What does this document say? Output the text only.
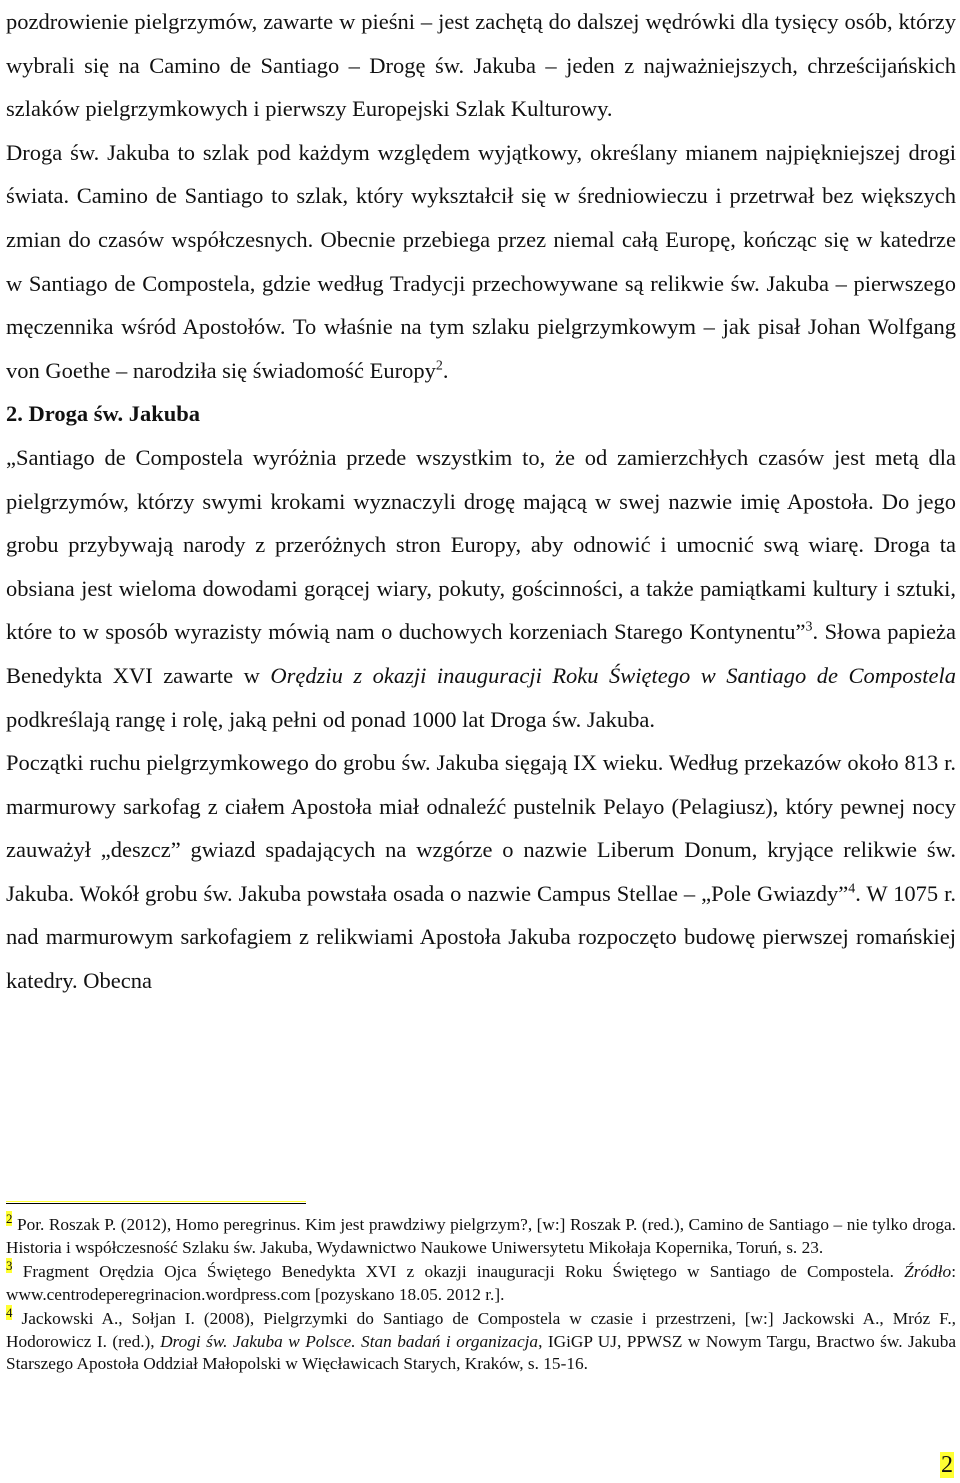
pozdrowienie pielgrzymów, zawarte w pieśni – jest zachętą do dalszej wędrówki dla tysięcy osób, którzy wybrali się na Camino de Santiago – Drogę św. Jakuba – jeden z najważniejszych, chrześcijańskich szlaków pielgrzymkowych i pierwszy Europejski Szlak Kulturowy.

Droga św. Jakuba to szlak pod każdym względem wyjątkowy, określany mianem najpiękniejszej drogi świata. Camino de Santiago to szlak, który wykształcił się w średniowieczu i przetrwał bez większych zmian do czasów współczesnych. Obecnie przebiega przez niemal całą Europę, kończąc się w katedrze w Santiago de Compostela, gdzie według Tradycji przechowywane są relikwie św. Jakuba – pierwszego męczennika wśród Apostołów. To właśnie na tym szlaku pielgrzymkowym – jak pisał Johan Wolfgang von Goethe – narodziła się świadomość Europy$^2$.

2. Droga św. Jakuba

„Santiago de Compostela wyróżnia przede wszystkim to, że od zamierzchłych czasów jest metą dla pielgrzymów, którzy swymi krokami wyznaczyli drogę mającą w swej nazwie imię Apostoła. Do jego grobu przybywają narody z przeróżnych stron Europy, aby odnowić i umocnić swą wiarę. Droga ta obsiana jest wieloma dowodami gorącej wiary, pokuty, gościnności, a także pamiątkami kultury i sztuki, które to w sposób wyrazisty mówią nam o duchowych korzeniach Starego Kontynentu”$^3$. Słowa papieża Benedykta XVI zawarte w Orędziu z okazji inauguracji Roku Świętego w Santiago de Compostela podkreślają rangę i rolę, jaką pełni od ponad 1000 lat Droga św. Jakuba.

Początki ruchu pielgrzymkowego do grobu św. Jakuba sięgają IX wieku. Według przekazów około 813 r. marmurowy sarkofag z ciałem Apostoła miał odnaleźć pustelnik Pelayo (Pelagiusz), który pewnej nocy zauważył „deszcz” gwiazd spadających na wzgórze o nazwie Liberum Donum, kryjące relikwie św. Jakuba. Wokół grobu św. Jakuba powstała osada o nazwie Campus Stellae – „Pole Gwiazdy”$^4$. W 1075 r. nad marmurowym sarkofagiem z relikwiami Apostoła Jakuba rozpoczęto budowę pierwszej romańskiej katedry. Obecna

$^2$ Por. Roszak P. (2012), Homo peregrinus. Kim jest prawdziwy pielgrzym?, [w:] Roszak P. (red.), Camino de Santiago – nie tylko droga. Historia i współczesność Szlaku św. Jakuba, Wydawnictwo Naukowe Uniwersytetu Mikołaja Kopernika, Toruń, s. 23.

$^3$ Fragment Orędzia Ojca Świętego Benedykta XVI z okazji inauguracji Roku Świętego w Santiago de Compostela. Źródło: www.centrodeperegrinacion.wordpress.com [pozyskano 18.05. 2012 r.].

$^4$ Jackowski A., Sołjan I. (2008), Pielgrzymki do Santiago de Compostela w czasie i przestrzeni, [w:] Jackowski A., Mróz F., Hodorowicz I. (red.), Drogi św. Jakuba w Polsce. Stan badań i organizacja, IGiGP UJ, PPWSZ w Nowym Targu, Bractwo św. Jakuba Starszego Apostoła Oddział Małopolski w Więcławicach Starych, Kraków, s. 15-16.

2
